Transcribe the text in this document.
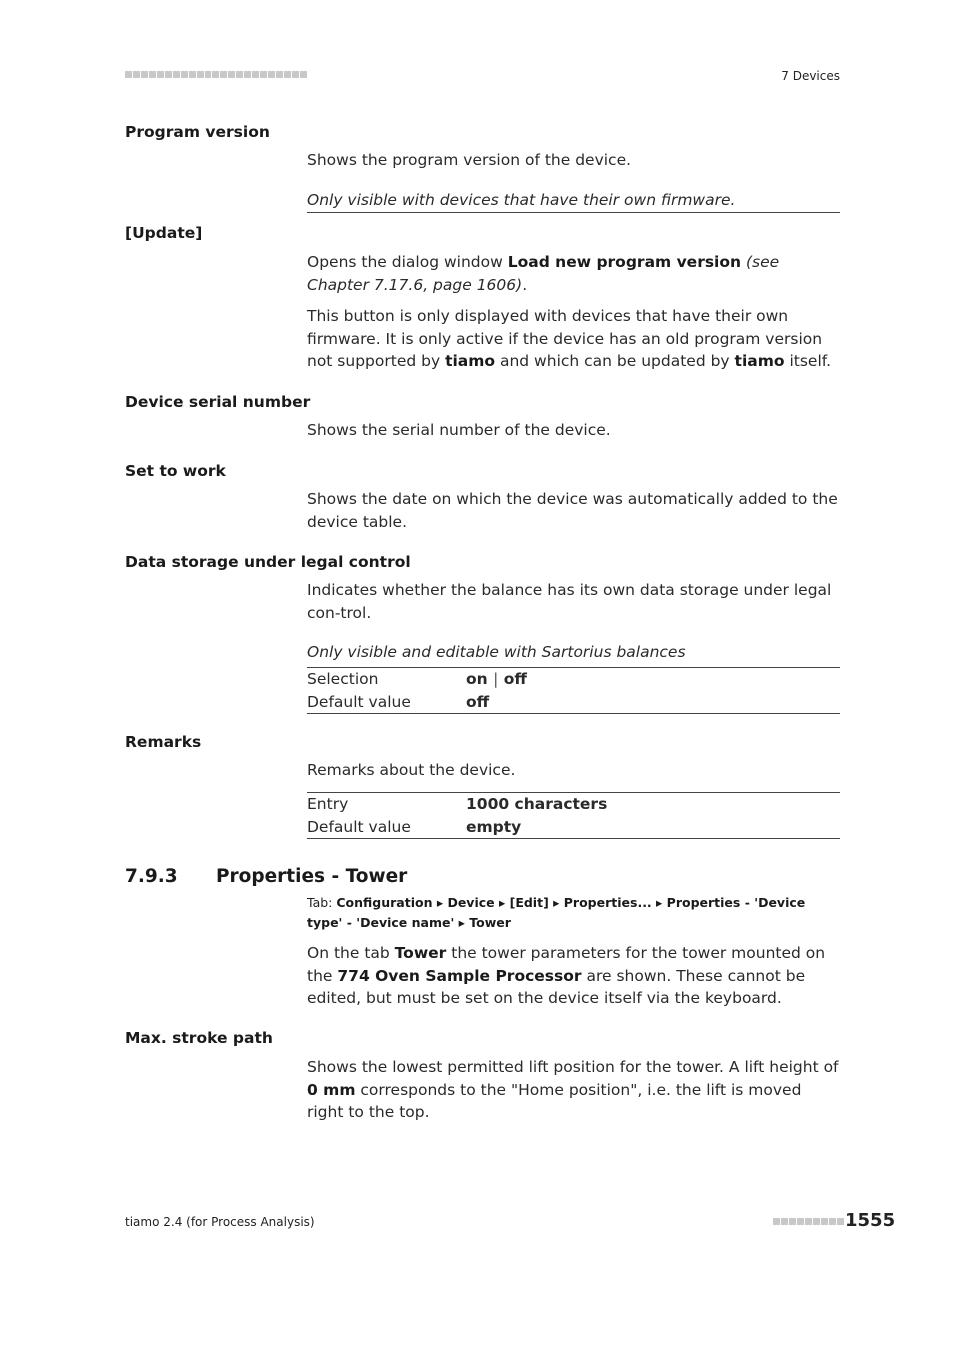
7 Devices
Program version
Shows the program version of the device.
Only visible with devices that have their own firmware.
[Update]
Opens the dialog window Load new program version (see Chapter 7.17.6, page 1606).
This button is only displayed with devices that have their own firmware. It is only active if the device has an old program version not supported by tiamo and which can be updated by tiamo itself.
Device serial number
Shows the serial number of the device.
Set to work
Shows the date on which the device was automatically added to the device table.
Data storage under legal control
Indicates whether the balance has its own data storage under legal con-trol.
Only visible and editable with Sartorius balances
Selection	on | off
Default value	off
Remarks
Remarks about the device.
Entry	1000 characters
Default value	empty
7.9.3 Properties - Tower
Tab: Configuration ▸ Device ▸ [Edit] ▸ Properties... ▸ Properties - 'Device type' - 'Device name' ▸ Tower
On the tab Tower the tower parameters for the tower mounted on the 774 Oven Sample Processor are shown. These cannot be edited, but must be set on the device itself via the keyboard.
Max. stroke path
Shows the lowest permitted lift position for the tower. A lift height of 0 mm corresponds to the "Home position", i.e. the lift is moved right to the top.
tiamo 2.4 (for Process Analysis)	1555
